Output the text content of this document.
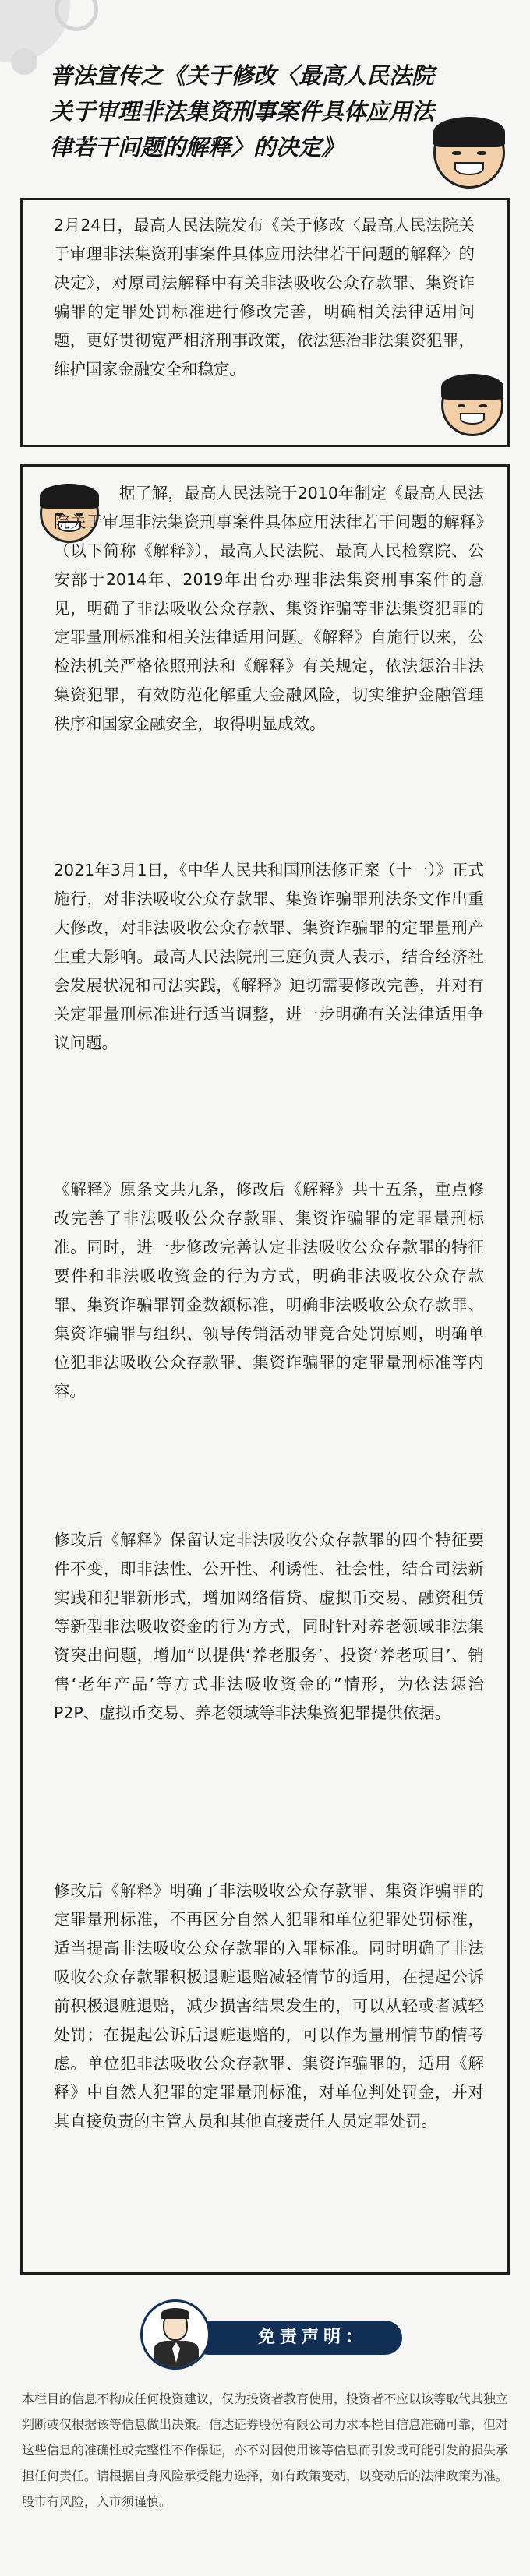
普法宣传之《关于修改〈最高人民法院关于审理非法集资刑事案件具体应用法律若干问题的解释〉的决定》

2月24日，最高人民法院发布《关于修改〈最高人民法院关于审理非法集资刑事案件具体应用法律若干问题的解释〉的决定》，对原司法解释中有关非法吸收公众存款罪、集资诈骗罪的定罪处罚标准进行修改完善，明确相关法律适用问题，更好贯彻宽严相济刑事政策，依法惩治非法集资犯罪，维护国家金融安全和稳定。

据了解，最高人民法院于2010年制定《最高人民法院关于审理非法集资刑事案件具体应用法律若干问题的解释》（以下简称《解释》），最高人民法院、最高人民检察院、公安部于2014年、2019年出台办理非法集资刑事案件的意见，明确了非法吸收公众存款、集资诈骗等非法集资犯罪的定罪量刑标准和相关法律适用问题。《解释》自施行以来，公检法机关严格依照刑法和《解释》有关规定，依法惩治非法集资犯罪，有效防范化解重大金融风险，切实维护金融管理秩序和国家金融安全，取得明显成效。

2021年3月1日，《中华人民共和国刑法修正案（十一）》正式施行，对非法吸收公众存款罪、集资诈骗罪刑法条文作出重大修改，对非法吸收公众存款罪、集资诈骗罪的定罪量刑产生重大影响。最高人民法院刑三庭负责人表示，结合经济社会发展状况和司法实践，《解释》迫切需要修改完善，并对有关定罪量刑标准进行适当调整，进一步明确有关法律适用争议问题。

《解释》原条文共九条，修改后《解释》共十五条，重点修改完善了非法吸收公众存款罪、集资诈骗罪的定罪量刑标准。同时，进一步修改完善认定非法吸收公众存款罪的特征要件和非法吸收资金的行为方式，明确非法吸收公众存款罪、集资诈骗罪罚金数额标准，明确非法吸收公众存款罪、集资诈骗罪与组织、领导传销活动罪竞合处罚原则，明确单位犯非法吸收公众存款罪、集资诈骗罪的定罪量刑标准等内容。

修改后《解释》保留认定非法吸收公众存款罪的四个特征要件不变，即非法性、公开性、利诱性、社会性，结合司法新实践和犯罪新形式，增加网络借贷、虚拟币交易、融资租赁等新型非法吸收资金的行为方式，同时针对养老领域非法集资突出问题，增加“以提供‘养老服务’、投资‘养老项目’、销售‘老年产品’等方式非法吸收资金的”情形，为依法惩治P2P、虚拟币交易、养老领域等非法集资犯罪提供依据。

修改后《解释》明确了非法吸收公众存款罪、集资诈骗罪的定罪量刑标准，不再区分自然人犯罪和单位犯罪处罚标准，适当提高非法吸收公众存款罪的入罪标准。同时明确了非法吸收公众存款罪积极退赃退赔减轻情节的适用，在提起公诉前积极退赃退赔，减少损害结果发生的，可以从轻或者减轻处罚；在提起公诉后退赃退赔的，可以作为量刑情节酌情考虑。单位犯非法吸收公众存款罪、集资诈骗罪的，适用《解释》中自然人犯罪的定罪量刑标准，对单位判处罚金，并对其直接负责的主管人员和其他直接责任人员定罪处罚。

免责声明：

本栏目的信息不构成任何投资建议，仅为投资者教育使用，投资者不应以该等取代其独立判断或仅根据该等信息做出决策。信达证券股份有限公司力求本栏目信息准确可靠，但对这些信息的准确性或完整性不作保证，亦不对因使用该等信息而引发或可能引发的损失承担任何责任。请根据自身风险承受能力选择，如有政策变动，以变动后的法律政策为准。股市有风险，入市须谨慎。
